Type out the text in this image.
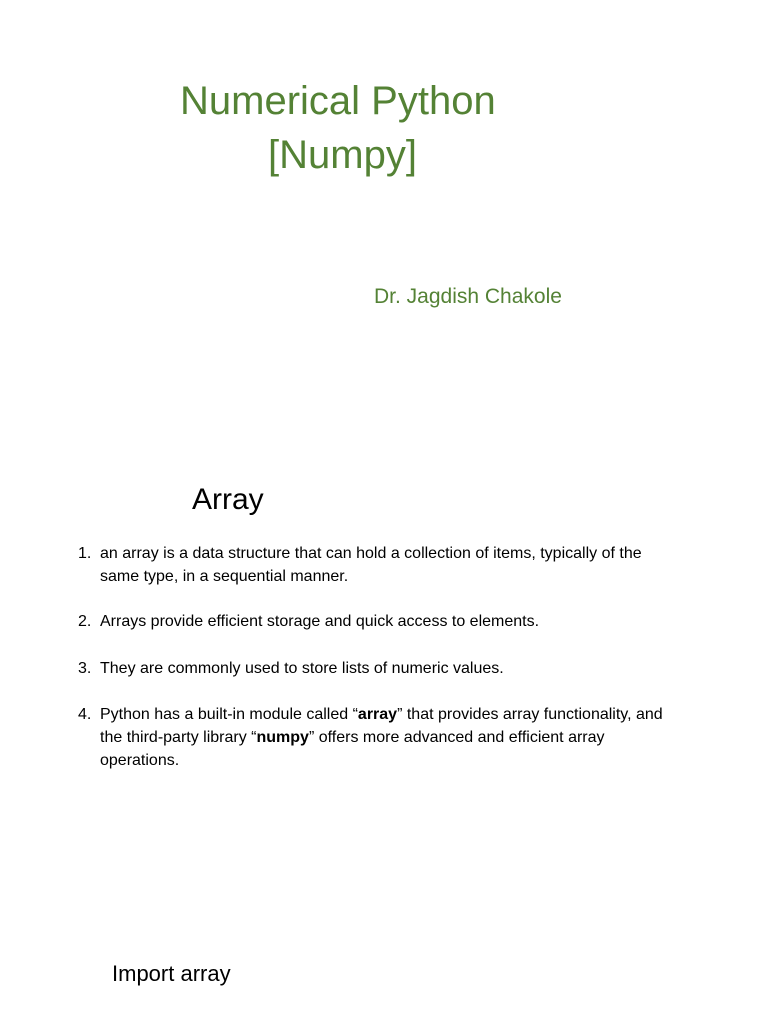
Numerical Python
[Numpy]
Dr. Jagdish Chakole
Array
1. an array is a data structure that can hold a collection of items, typically of the same type, in a sequential manner.
2. Arrays provide efficient storage and quick access to elements.
3. They are commonly used to store lists of numeric values.
4. Python has a built-in module called “array” that provides array functionality, and the third-party library “numpy” offers more advanced and efficient array operations.
Import array
